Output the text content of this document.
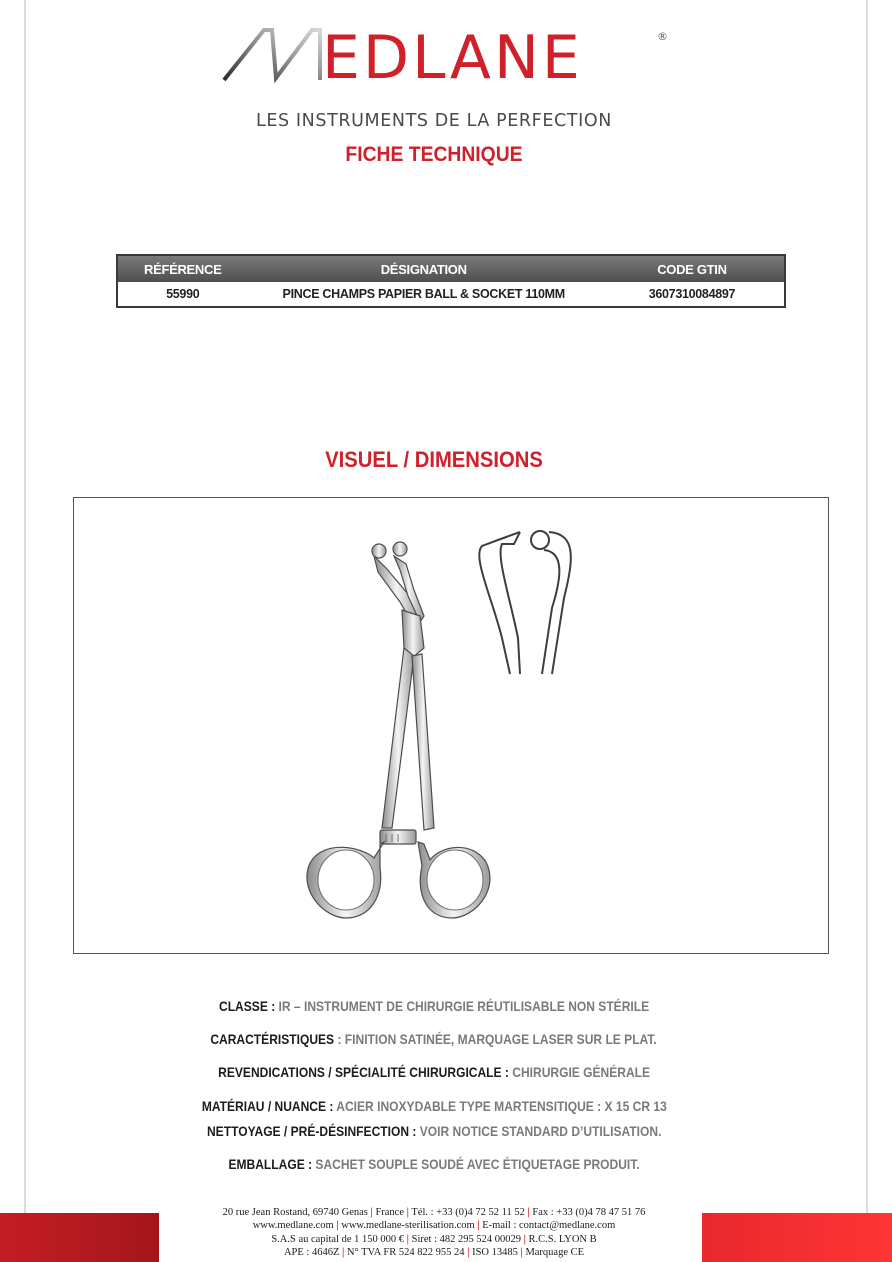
EDLANE	®
LES INSTRUMENTS DE LA PERFECTION
FICHE TECHNIQUE
RÉFÉRENCE	DÉSIGNATION	CODE GTIN
55990	PINCE CHAMPS PAPIER BALL & SOCKET 110MM	3607310084897
VISUEL / DIMENSIONS
CLASSE : IR – INSTRUMENT DE CHIRURGIE RÉUTILISABLE NON STÉRILE
CARACTÉRISTIQUES : FINITION SATINÉE, MARQUAGE LASER SUR LE PLAT.
REVENDICATIONS / SPÉCIALITÉ CHIRURGICALE : CHIRURGIE GÉNÉRALE
MATÉRIAU / NUANCE : ACIER INOXYDABLE TYPE MARTENSITIQUE : X 15 CR 13
NETTOYAGE / PRÉ-DÉSINFECTION : VOIR NOTICE STANDARD D’UTILISATION.
EMBALLAGE : SACHET SOUPLE SOUDÉ AVEC ÉTIQUETAGE PRODUIT.
20 rue Jean Rostand, 69740 Genas | France | Tél. : +33 (0)4 72 52 11 52 | Fax : +33 (0)4 78 47 51 76
www.medlane.com | www.medlane-sterilisation.com | E-mail : contact@medlane.com
S.A.S au capital de 1 150 000 € | Siret : 482 295 524 00029 | R.C.S. LYON B
APE : 4646Z | N° TVA FR 524 822 955 24 | ISO 13485 | Marquage CE
